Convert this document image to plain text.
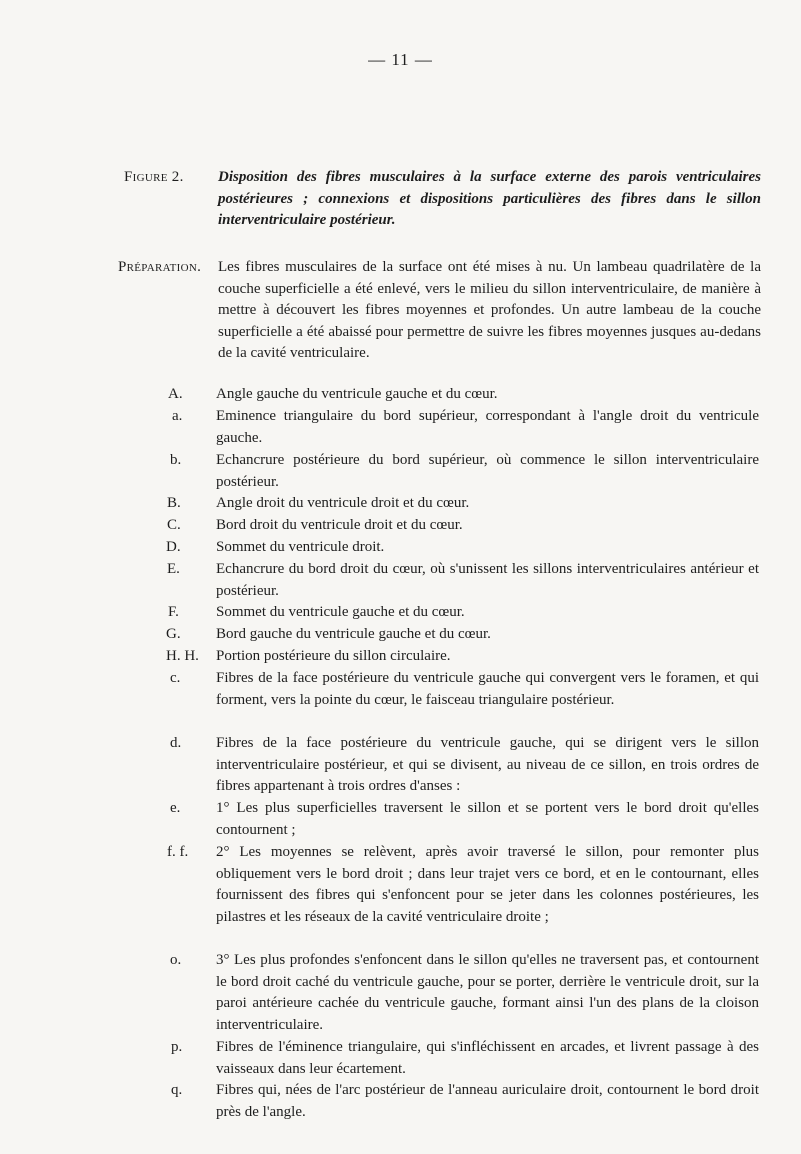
— 11 —
Figure 2. Disposition des fibres musculaires à la surface externe des parois ventriculaires postérieures ; connexions et dispositions particulières des fibres dans le sillon interventriculaire postérieur.
Préparation. Les fibres musculaires de la surface ont été mises à nu. Un lambeau quadrilatère de la couche superficielle a été enlevé, vers le milieu du sillon interventriculaire, de manière à mettre à découvert les fibres moyennes et profondes. Un autre lambeau de la couche superficielle a été abaissé pour permettre de suivre les fibres moyennes jusques au-dedans de la cavité ventriculaire.
A. Angle gauche du ventricule gauche et du cœur.
a. Eminence triangulaire du bord supérieur, correspondant à l'angle droit du ventricule gauche.
b. Echancrure postérieure du bord supérieur, où commence le sillon interventriculaire postérieur.
B. Angle droit du ventricule droit et du cœur.
C. Bord droit du ventricule droit et du cœur.
D. Sommet du ventricule droit.
E. Echancrure du bord droit du cœur, où s'unissent les sillons interventriculaires antérieur et postérieur.
F. Sommet du ventricule gauche et du cœur.
G. Bord gauche du ventricule gauche et du cœur.
H. H. Portion postérieure du sillon circulaire.
c. Fibres de la face postérieure du ventricule gauche qui convergent vers le foramen, et qui forment, vers la pointe du cœur, le faisceau triangulaire postérieur.
d. Fibres de la face postérieure du ventricule gauche, qui se dirigent vers le sillon interventriculaire postérieur, et qui se divisent, au niveau de ce sillon, en trois ordres de fibres appartenant à trois ordres d'anses :
e. 1° Les plus superficielles traversent le sillon et se portent vers le bord droit qu'elles contournent ;
f. f. 2° Les moyennes se relèvent, après avoir traversé le sillon, pour remonter plus obliquement vers le bord droit ; dans leur trajet vers ce bord, et en le contournant, elles fournissent des fibres qui s'enfoncent pour se jeter dans les colonnes postérieures, les pilastres et les réseaux de la cavité ventriculaire droite ;
o. 3° Les plus profondes s'enfoncent dans le sillon qu'elles ne traversent pas, et contournent le bord droit caché du ventricule gauche, pour se porter, derrière le ventricule droit, sur la paroi antérieure cachée du ventricule gauche, formant ainsi l'un des plans de la cloison interventriculaire.
p. Fibres de l'éminence triangulaire, qui s'infléchissent en arcades, et livrent passage à des vaisseaux dans leur écartement.
q. Fibres qui, nées de l'arc postérieur de l'anneau auriculaire droit, contournent le bord droit près de l'angle.
